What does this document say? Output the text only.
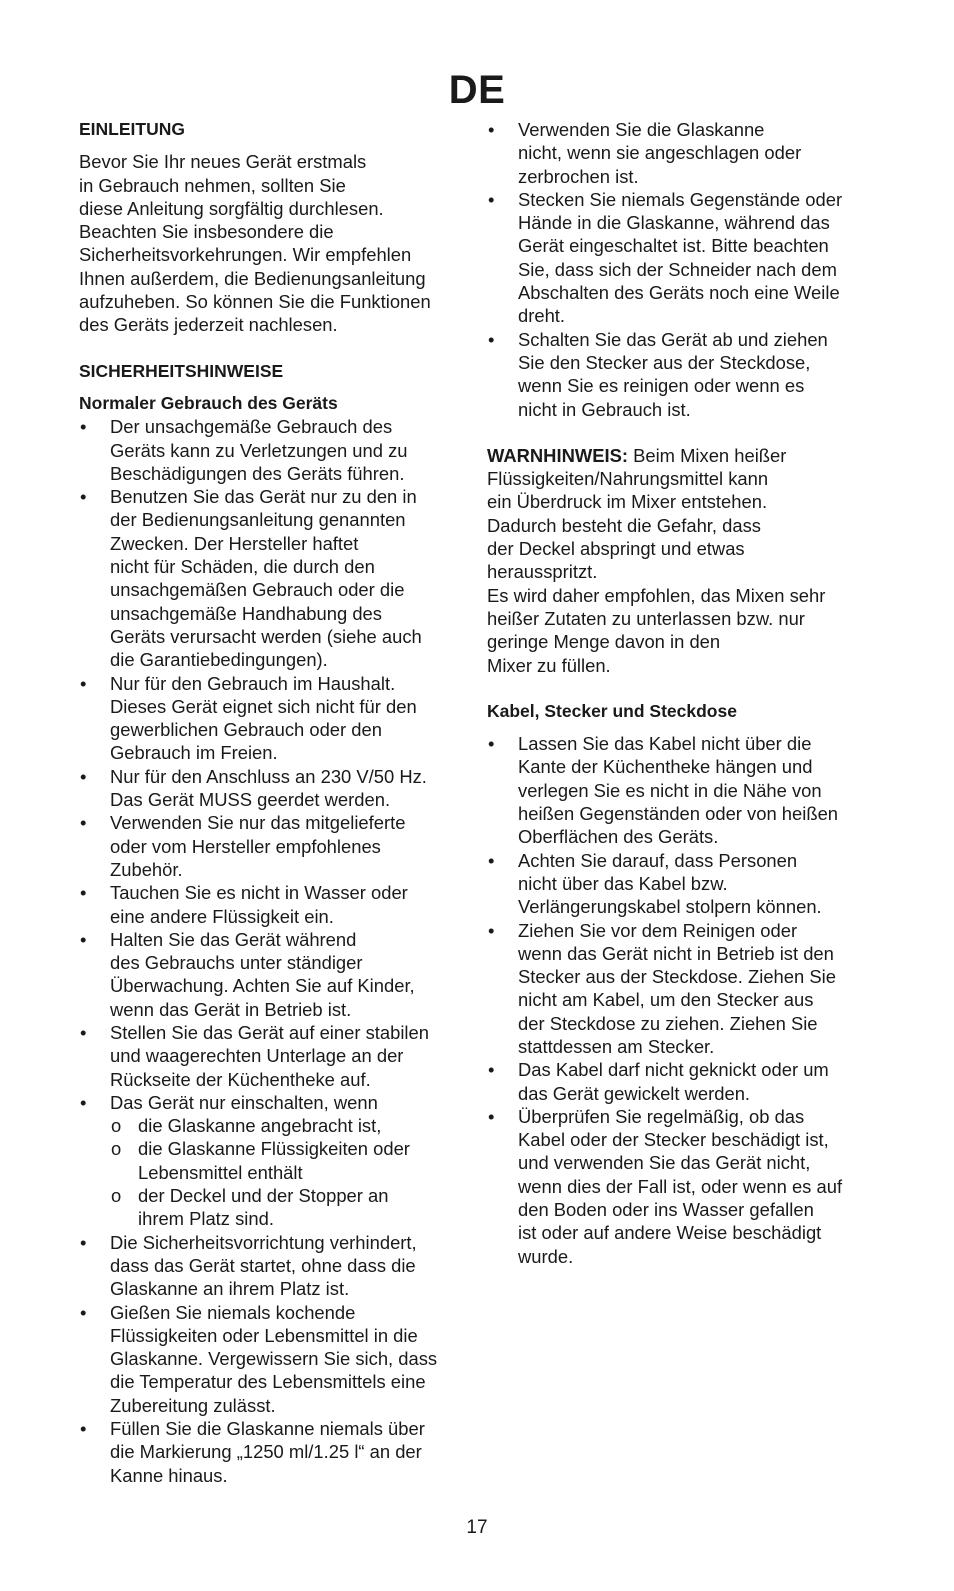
DE
EINLEITUNG

Bevor Sie Ihr neues Gerät erstmals
in Gebrauch nehmen, sollten Sie
diese Anleitung sorgfältig durchlesen.
Beachten Sie insbesondere die
Sicherheitsvorkehrungen. Wir empfehlen
Ihnen außerdem, die Bedienungsanleitung
aufzuheben. So können Sie die Funktionen
des Geräts jederzeit nachlesen.

SICHERHEITSHINWEISE
Normaler Gebrauch des Geräts
• Der unsachgemäße Gebrauch des
Geräts kann zu Verletzungen und zu
Beschädigungen des Geräts führen.
• Benutzen Sie das Gerät nur zu den in
der Bedienungsanleitung genannten
Zwecken. Der Hersteller haftet
nicht für Schäden, die durch den
unsachgemäßen Gebrauch oder die
unsachgemäße Handhabung des
Geräts verursacht werden (siehe auch
die Garantiebedingungen).
• Nur für den Gebrauch im Haushalt.
Dieses Gerät eignet sich nicht für den
gewerblichen Gebrauch oder den
Gebrauch im Freien.
• Nur für den Anschluss an 230 V/50 Hz.
Das Gerät MUSS geerdet werden.
• Verwenden Sie nur das mitgelieferte
oder vom Hersteller empfohlenes
Zubehör.
• Tauchen Sie es nicht in Wasser oder
eine andere Flüssigkeit ein.
• Halten Sie das Gerät während
des Gebrauchs unter ständiger
Überwachung. Achten Sie auf Kinder,
wenn das Gerät in Betrieb ist.
• Stellen Sie das Gerät auf einer stabilen
und waagerechten Unterlage an der
Rückseite der Küchentheke auf.
• Das Gerät nur einschalten, wenn
o die Glaskanne angebracht ist,
o die Glaskanne Flüssigkeiten oder
Lebensmittel enthält
o der Deckel und der Stopper an
ihrem Platz sind.
• Die Sicherheitsvorrichtung verhindert,
dass das Gerät startet, ohne dass die
Glaskanne an ihrem Platz ist.
• Gießen Sie niemals kochende
Flüssigkeiten oder Lebensmittel in die
Glaskanne. Vergewissern Sie sich, dass
die Temperatur des Lebensmittels eine
Zubereitung zulässt.
• Füllen Sie die Glaskanne niemals über
die Markierung „1250 ml/1.25 l“ an der
Kanne hinaus.
• Verwenden Sie die Glaskanne
nicht, wenn sie angeschlagen oder
zerbrochen ist.
• Stecken Sie niemals Gegenstände oder
Hände in die Glaskanne, während das
Gerät eingeschaltet ist. Bitte beachten
Sie, dass sich der Schneider nach dem
Abschalten des Geräts noch eine Weile
dreht.
• Schalten Sie das Gerät ab und ziehen
Sie den Stecker aus der Steckdose,
wenn Sie es reinigen oder wenn es
nicht in Gebrauch ist.

WARNHINWEIS: Beim Mixen heißer
Flüssigkeiten/Nahrungsmittel kann
ein Überdruck im Mixer entstehen.
Dadurch besteht die Gefahr, dass
der Deckel abspringt und etwas
herausspritzt.
Es wird daher empfohlen, das Mixen sehr
heißer Zutaten zu unterlassen bzw. nur
geringe Menge davon in den
Mixer zu füllen.

Kabel, Stecker und Steckdose
• Lassen Sie das Kabel nicht über die
Kante der Küchentheke hängen und
verlegen Sie es nicht in die Nähe von
heißen Gegenständen oder von heißen
Oberflächen des Geräts.
• Achten Sie darauf, dass Personen
nicht über das Kabel bzw.
Verlängerungskabel stolpern können.
• Ziehen Sie vor dem Reinigen oder
wenn das Gerät nicht in Betrieb ist den
Stecker aus der Steckdose. Ziehen Sie
nicht am Kabel, um den Stecker aus
der Steckdose zu ziehen. Ziehen Sie
stattdessen am Stecker.
• Das Kabel darf nicht geknickt oder um
das Gerät gewickelt werden.
• Überprüfen Sie regelmäßig, ob das
Kabel oder der Stecker beschädigt ist,
und verwenden Sie das Gerät nicht,
wenn dies der Fall ist, oder wenn es auf
den Boden oder ins Wasser gefallen
ist oder auf andere Weise beschädigt
wurde.
17
